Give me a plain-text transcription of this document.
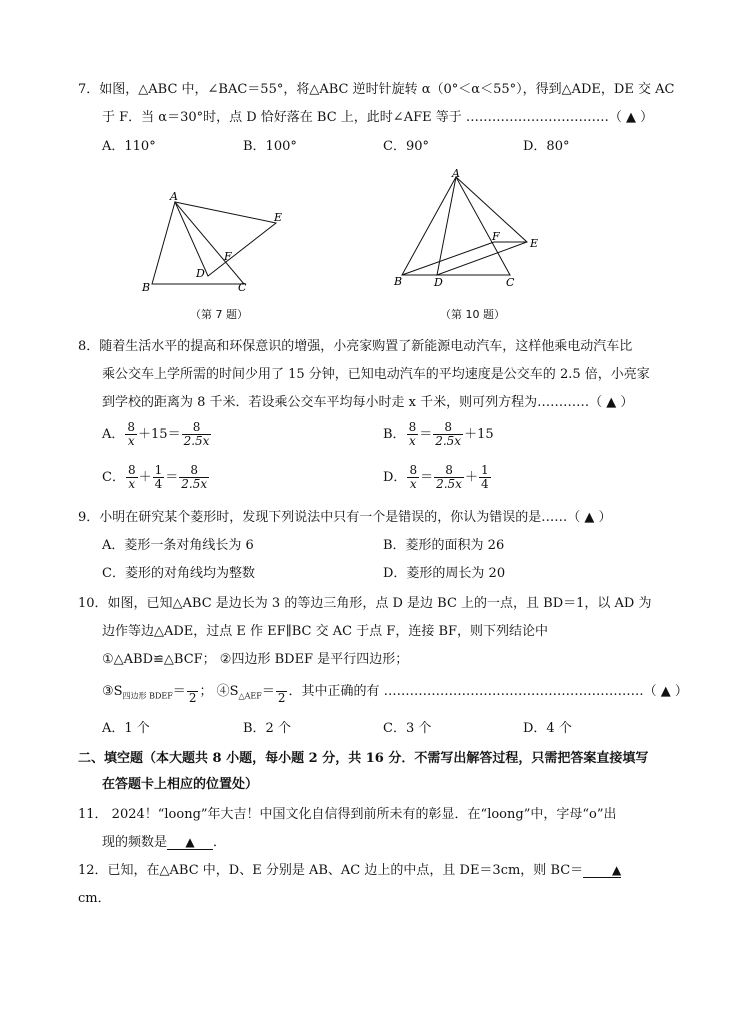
7．如图，△ABC 中，∠BAC＝55°，将△ABC 逆时针旋转 α（0°＜α＜55°），得到△ADE，DE 交 AC
于 F．当 α＝30°时，点 D 恰好落在 BC 上，此时∠AFE 等于 ……………………………（ ▲ ）
A．110°	B．100°	C．90°	D．80°
A
E
F
D
B	C
（第 7 题）
A
F
E
B	D	C
（第 10 题）
8．随着生活水平的提高和环保意识的增强，小亮家购置了新能源电动汽车，这样他乘电动汽车比
乘公交车上学所需的时间少用了 15 分钟，已知电动汽车的平均速度是公交车的 2.5 倍，小亮家
到学校的距离为 8 千米．若设乘公交车平均每小时走 x 千米，则可列方程为…………（ ▲ ）
A． $\frac{8}{x} +15= \frac{8}{2.5x}$	B． $\frac{8}{x} = \frac{8}{2.5x} +15$
C． $\frac{8}{x} + \frac{1}{4} = \frac{8}{2.5x}$	D． $\frac{8}{x} = \frac{8}{2.5x} + \frac{1}{4}$
9．小明在研究某个菱形时，发现下列说法中只有一个是错误的，你认为错误的是……（ ▲ ）
A．菱形一条对角线长为 6	B．菱形的面积为 26
C．菱形的对角线均为整数	D．菱形的周长为 20
10．如图，已知△ABC 是边长为 3 的等边三角形，点 D 是边 BC 上的一点，且 BD＝1，以 AD 为
边作等边△ADE，过点 E 作 EF∥BC 交 AC 于点 F，连接 BF，则下列结论中
①△ABD≌△BCF； ②四边形 BDEF 是平行四边形；
$③S_{四边形 BDEF}=$
2 ； $④S_{\triangle AEF}=$
2 ．其中正确的有 ……………………………………………………（ ▲ ）
A．1 个	B．2 个	C．3 个	D．4 个
二、填空题（本大题共 8 小题，每小题 2 分，共 16 分．不需写出解答过程，只需把答案直接填写
在答题卡上相应的位置处）
11． 2024！“loong”年大吉！中国文化自信得到前所未有的彰显．在“loong”中，字母“o”出
现的频数是 ▲ ．
12．已知，在△ABC 中，D、E 分别是 AB、AC 边上的中点，且 DE＝3cm，则 BC＝ ▲
cm．
